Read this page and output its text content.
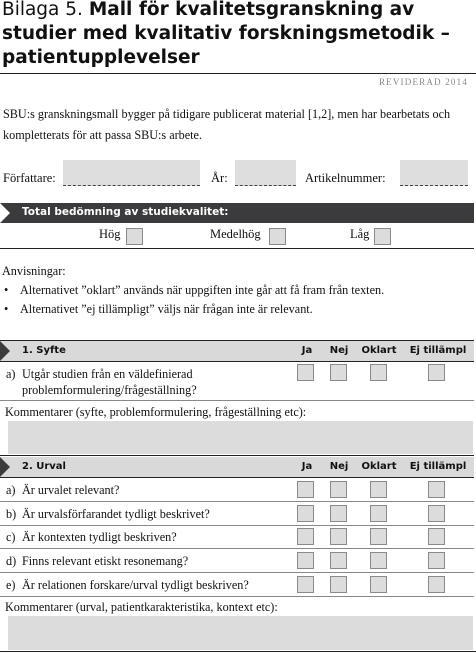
Bilaga 5. Mall för kvalitetsgranskning av studier med kvalitativ forskningsmetodik – patientupplevelser
REVIDERAD 2014
SBU:s granskningsmall bygger på tidigare publicerat material [1,2], men har bearbetats och kompletterats för att passa SBU:s arbete.
Författare:	År:	Artikelnummer:
Total bedömning av studiekvalitet:
Hög	Medelhög	Låg
Anvisningar:
• Alternativet ”oklart” används när uppgiften inte går att få fram från texten.
• Alternativet ”ej tillämpligt” väljs när frågan inte är relevant.
1. Syfte	Ja	Nej	Oklart	Ej tillämpl
a) Utgår studien från en väldefinierad problemformulering/frågeställning?
Kommentarer (syfte, problemformulering, frågeställning etc):
2. Urval	Ja	Nej	Oklart	Ej tillämpl
a) Är urvalet relevant?
b) Är urvalsförfarandet tydligt beskrivet?
c) Är kontexten tydligt beskriven?
d) Finns relevant etiskt resonemang?
e) Är relationen forskare/urval tydligt beskriven?
Kommentarer (urval, patientkarakteristika, kontext etc):
